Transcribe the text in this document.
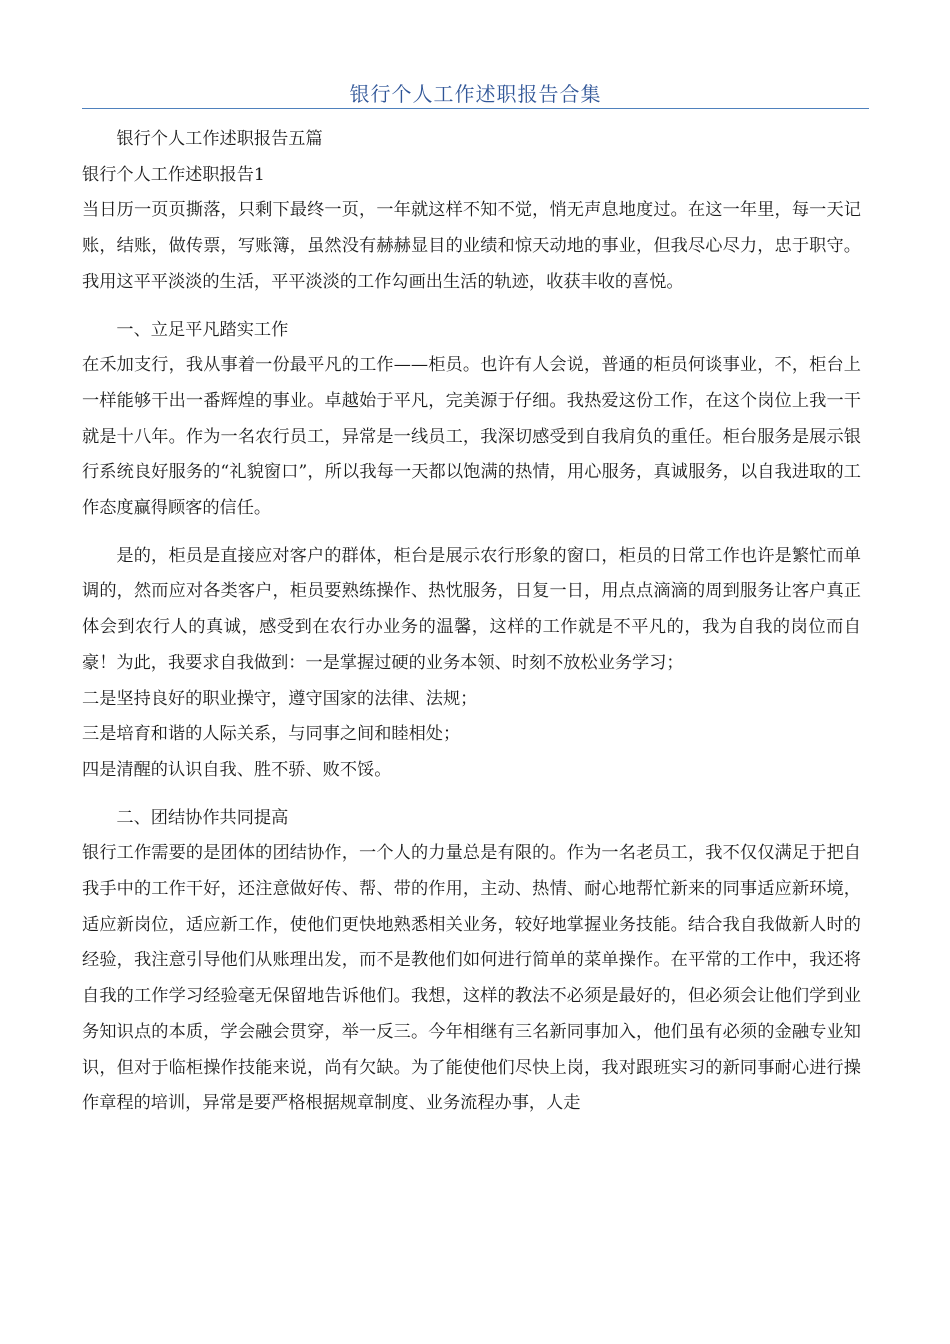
银行个人工作述职报告合集

银行个人工作述职报告五篇

银行个人工作述职报告1

当日历一页页撕落，只剩下最终一页，一年就这样不知不觉，悄无声息地度过。在这一年里，每一天记账，结账，做传票，写账簿，虽然没有赫赫显目的业绩和惊天动地的事业，但我尽心尽力，忠于职守。我用这平平淡淡的生活，平平淡淡的工作勾画出生活的轨迹，收获丰收的喜悦。

一、立足平凡踏实工作

在禾加支行，我从事着一份最平凡的工作——柜员。也许有人会说，普通的柜员何谈事业，不，柜台上一样能够干出一番辉煌的事业。卓越始于平凡，完美源于仔细。我热爱这份工作，在这个岗位上我一干就是十八年。作为一名农行员工，异常是一线员工，我深切感受到自我肩负的重任。柜台服务是展示银行系统良好服务的“礼貌窗口”，所以我每一天都以饱满的热情，用心服务，真诚服务，以自我进取的工作态度赢得顾客的信任。

是的，柜员是直接应对客户的群体，柜台是展示农行形象的窗口，柜员的日常工作也许是繁忙而单调的，然而应对各类客户，柜员要熟练操作、热忱服务，日复一日，用点点滴滴的周到服务让客户真正体会到农行人的真诚，感受到在农行办业务的温馨，这样的工作就是不平凡的，我为自我的岗位而自豪！为此，我要求自我做到：一是掌握过硬的业务本领、时刻不放松业务学习；

二是坚持良好的职业操守，遵守国家的法律、法规；

三是培育和谐的人际关系，与同事之间和睦相处；

四是清醒的认识自我、胜不骄、败不馁。

二、团结协作共同提高

银行工作需要的是团体的团结协作，一个人的力量总是有限的。作为一名老员工，我不仅仅满足于把自我手中的工作干好，还注意做好传、帮、带的作用，主动、热情、耐心地帮忙新来的同事适应新环境，适应新岗位，适应新工作，使他们更快地熟悉相关业务，较好地掌握业务技能。结合我自我做新人时的经验，我注意引导他们从账理出发，而不是教他们如何进行简单的菜单操作。在平常的工作中，我还将自我的工作学习经验毫无保留地告诉他们。我想，这样的教法不必须是最好的，但必须会让他们学到业务知识点的本质，学会融会贯穿，举一反三。今年相继有三名新同事加入，他们虽有必须的金融专业知识，但对于临柜操作技能来说，尚有欠缺。为了能使他们尽快上岗，我对跟班实习的新同事耐心进行操作章程的培训，异常是要严格根据规章制度、业务流程办事，人走
